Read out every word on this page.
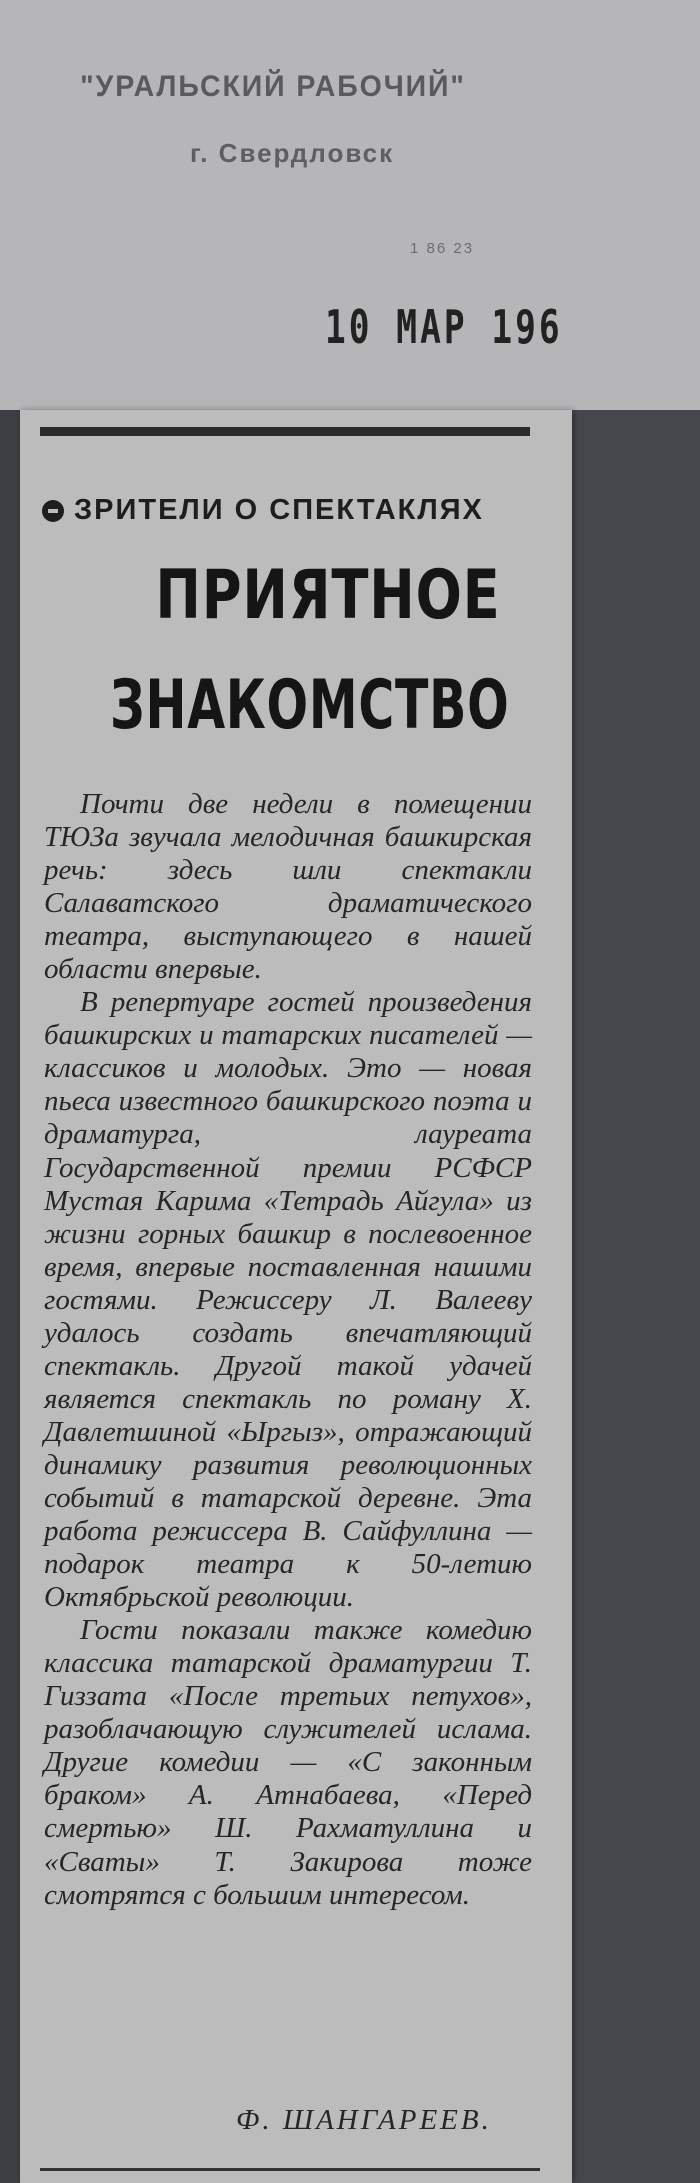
"УРАЛЬСКИЙ РАБОЧИЙ"
г. Свердловск
1 86 23
10 МАР 196
ЗРИТЕЛИ О СПЕКТАКЛЯХ
ПРИЯТНОЕ
ЗНАКОМСТВО

Почти две недели в помещении ТЮЗа звучала мелодичная башкирская речь: здесь шли спектакли Салаватского драматического театра, выступающего в нашей области впервые.

В репертуаре гостей произведения башкирских и татарских писателей — классиков и молодых. Это — новая пьеса известного башкирского поэта и драматурга, лауреата Государственной премии РСФСР Мустая Карима «Тетрадь Айгула» из жизни горных башкир в послевоенное время, впервые поставленная нашими гостями. Режиссеру Л. Валееву удалось создать впечатляющий спектакль. Другой такой удачей является спектакль по роману Х. Давлетшиной «Ыргыз», отражающий динамику развития революционных событий в татарской деревне. Эта работа режиссера В. Сайфуллина — подарок театра к 50-летию Октябрьской революции.

Гости показали также комедию классика татарской драматургии Т. Гиззата «После третьих петухов», разоблачающую служителей ислама. Другие комедии — «С законным браком» А. Атнабаева, «Перед смертью» Ш. Рахматуллина и «Сваты» Т. Закирова тоже смотрятся с большим интересом.

Ф. ШАНГАРЕЕВ.
